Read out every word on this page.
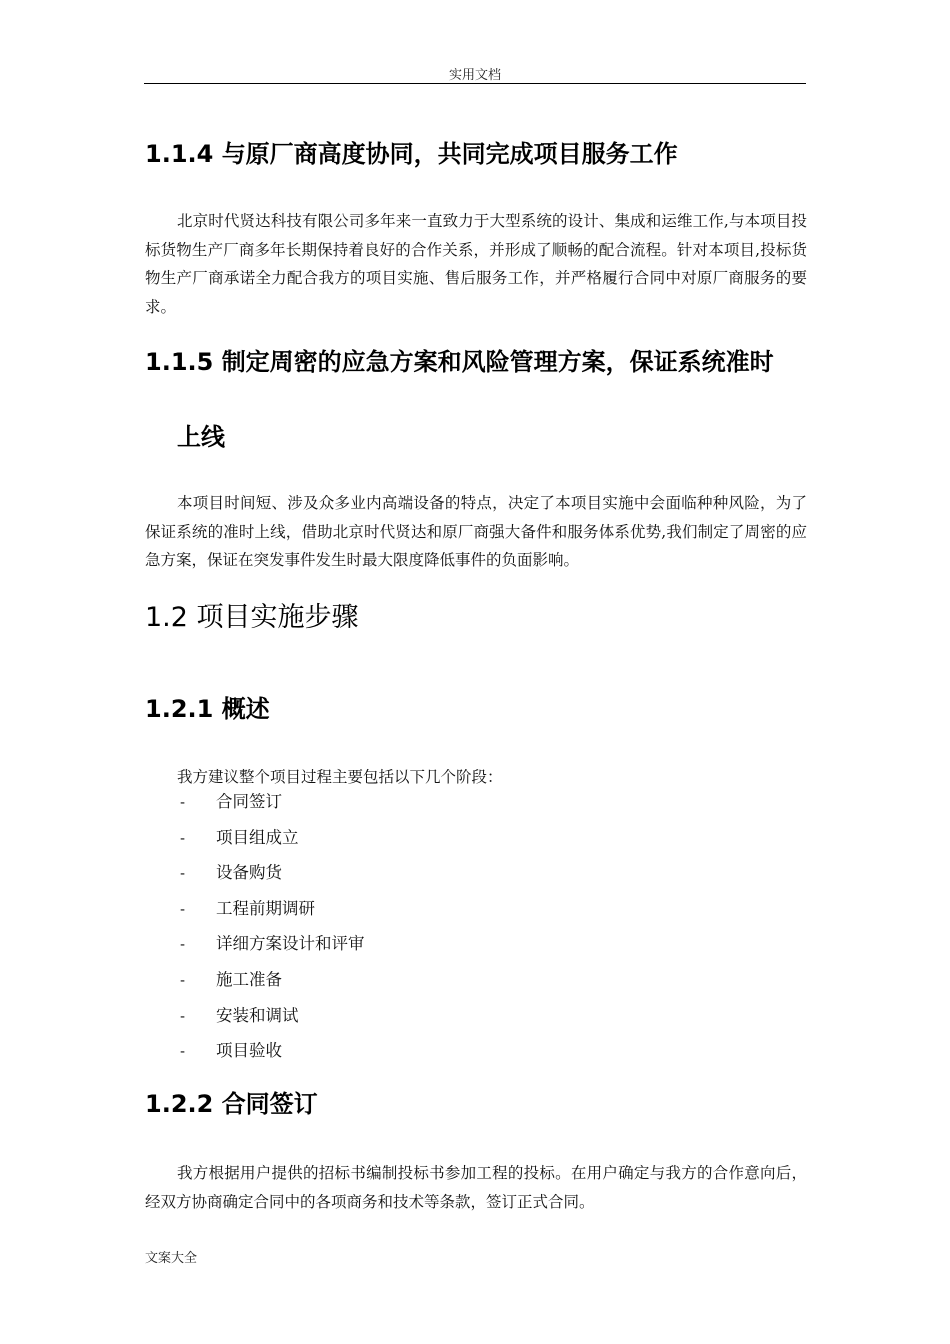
实用文档
1.1.4 与原厂商高度协同，共同完成项目服务工作
北京时代贤达科技有限公司多年来一直致力于大型系统的设计、集成和运维工作,与本项目投标货物生产厂商多年长期保持着良好的合作关系，并形成了顺畅的配合流程。针对本项目,投标货物生产厂商承诺全力配合我方的项目实施、售后服务工作，并严格履行合同中对原厂商服务的要求。
1.1.5 制定周密的应急方案和风险管理方案，保证系统准时
上线
本项目时间短、涉及众多业内高端设备的特点，决定了本项目实施中会面临种种风险，为了保证系统的准时上线，借助北京时代贤达和原厂商强大备件和服务体系优势,我们制定了周密的应急方案，保证在突发事件发生时最大限度降低事件的负面影响。
1.2 项目实施步骤
1.2.1 概述
我方建议整个项目过程主要包括以下几个阶段：
- 合同签订
- 项目组成立
- 设备购货
- 工程前期调研
- 详细方案设计和评审
- 施工准备
- 安装和调试
- 项目验收
1.2.2 合同签订
我方根据用户提供的招标书编制投标书参加工程的投标。在用户确定与我方的合作意向后，经双方协商确定合同中的各项商务和技术等条款，签订正式合同。
文案大全
